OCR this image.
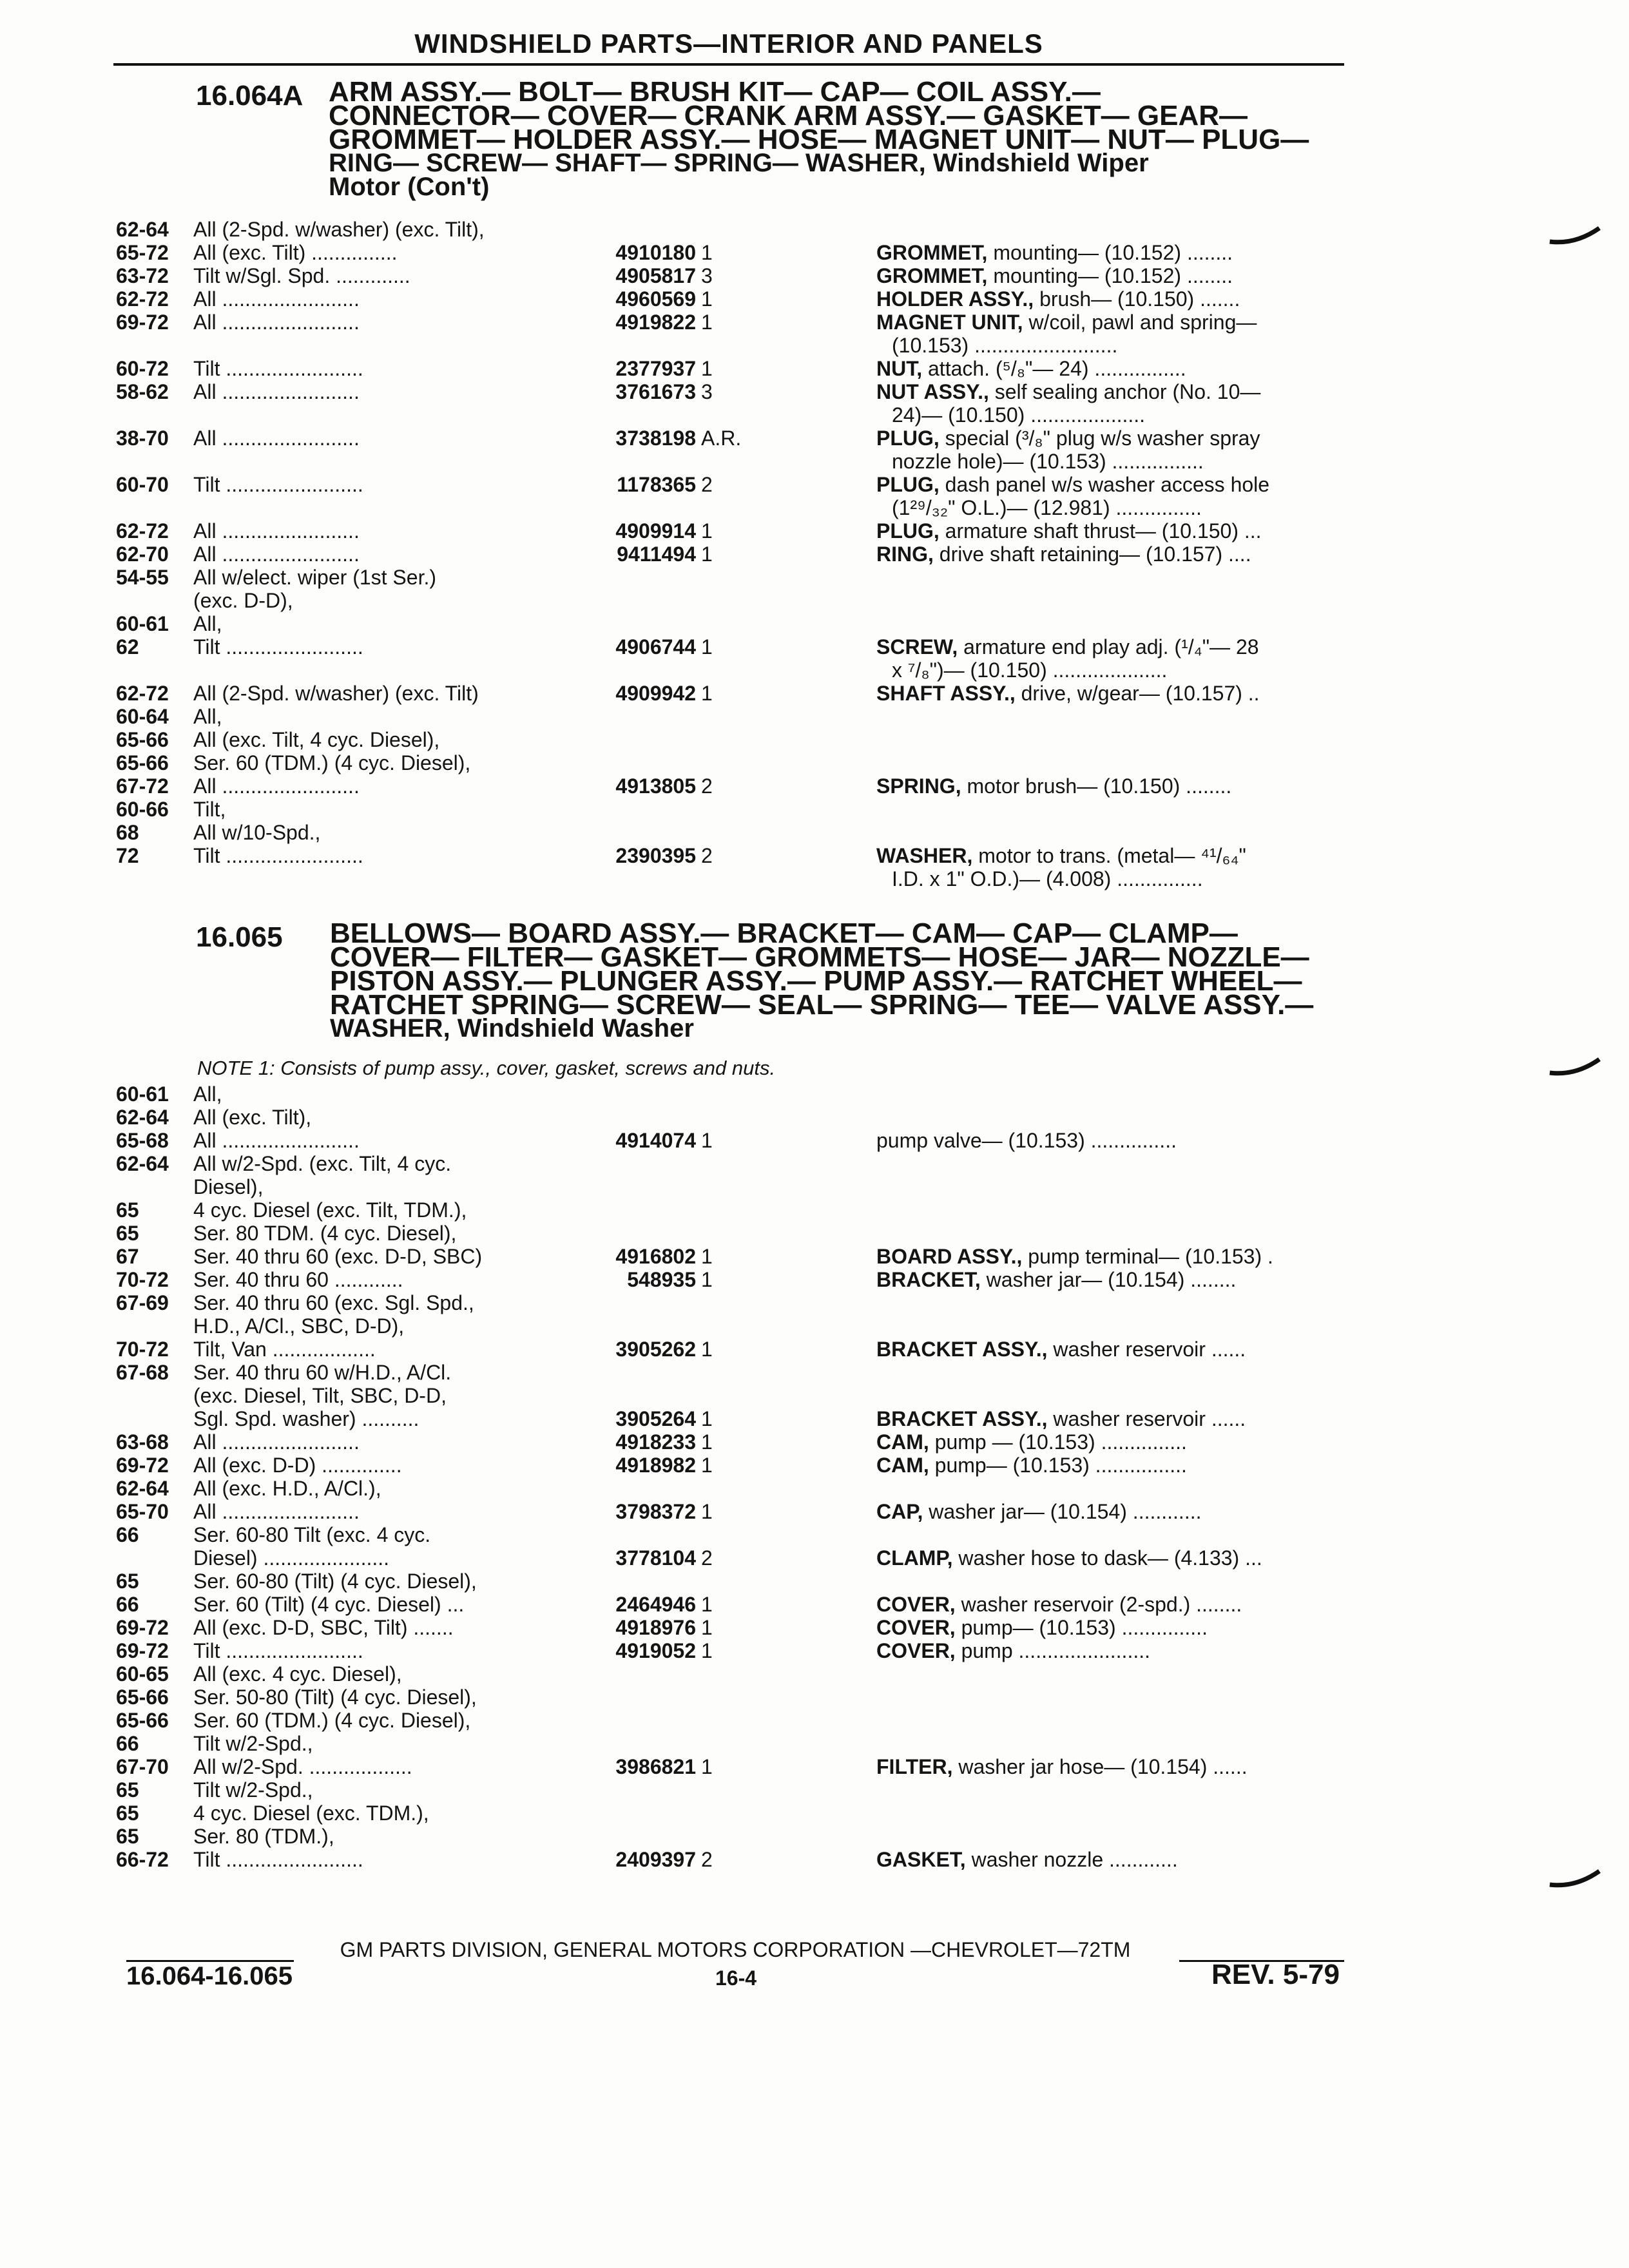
WINDSHIELD PARTS—INTERIOR AND PANELS
16.064A ARM ASSY.— BOLT— BRUSH KIT— CAP— COIL ASSY.—
CONNECTOR— COVER— CRANK ARM ASSY.— GASKET— GEAR—
GROMMET— HOLDER ASSY.— HOSE— MAGNET UNIT— NUT— PLUG—
RING— SCREW— SHAFT— SPRING— WASHER, Windshield Wiper
Motor (Con't)
62-64	All (2-Spd. w/washer) (exc. Tilt),
65-72	All (exc. Tilt) ...............	4910180 1	GROMMET, mounting— (10.152) ........
63-72	Tilt w/Sgl. Spd. .............	4905817 3	GROMMET, mounting— (10.152) ........
62-72	All ........................	4960569 1	HOLDER ASSY., brush— (10.150) .......
69-72	All ........................	4919822 1	MAGNET UNIT, w/coil, pawl and spring—
(10.153) .........................
60-72	Tilt ........................	2377937 1	NUT, attach. (⁵/₈"— 24) ................
58-62	All ........................	3761673 3	NUT ASSY., self sealing anchor (No. 10—
24)— (10.150) ....................
38-70	All ........................	3738198 A.R.	PLUG, special (³/₈" plug w/s washer spray
nozzle hole)— (10.153) ................
60-70	Tilt ........................	1178365 2	PLUG, dash panel w/s washer access hole
(1²⁹/₃₂" O.L.)— (12.981) ...............
62-72	All ........................	4909914 1	PLUG, armature shaft thrust— (10.150) ...
62-70	All ........................	9411494 1	RING, drive shaft retaining— (10.157) ....
54-55	All w/elect. wiper (1st Ser.)
(exc. D-D),
60-61	All,
62	Tilt ........................	4906744 1	SCREW, armature end play adj. (¹/₄"— 28
x ⁷/₈")— (10.150) ....................
62-72	All (2-Spd. w/washer) (exc. Tilt)	4909942 1	SHAFT ASSY., drive, w/gear— (10.157) ..
60-64	All,
65-66	All (exc. Tilt, 4 cyc. Diesel),
65-66	Ser. 60 (TDM.) (4 cyc. Diesel),
67-72	All ........................	4913805 2	SPRING, motor brush— (10.150) ........
60-66	Tilt,
68	All w/10-Spd.,
72	Tilt ........................	2390395 2	WASHER, motor to trans. (metal— ⁴¹/₆₄"
I.D. x 1" O.D.)— (4.008) ...............
16.065 BELLOWS— BOARD ASSY.— BRACKET— CAM— CAP— CLAMP—
COVER— FILTER— GASKET— GROMMETS— HOSE— JAR— NOZZLE—
PISTON ASSY.— PLUNGER ASSY.— PUMP ASSY.— RATCHET WHEEL—
RATCHET SPRING— SCREW— SEAL— SPRING— TEE— VALVE ASSY.—
WASHER, Windshield Washer
NOTE 1: Consists of pump assy., cover, gasket, screws and nuts.
60-61	All,
62-64	All (exc. Tilt),
65-68	All ........................	4914074 1	pump valve— (10.153) ...............
62-64	All w/2-Spd. (exc. Tilt, 4 cyc.
Diesel),
65	4 cyc. Diesel (exc. Tilt, TDM.),
65	Ser. 80 TDM. (4 cyc. Diesel),
67	Ser. 40 thru 60 (exc. D-D, SBC)	4916802 1	BOARD ASSY., pump terminal— (10.153) .
70-72	Ser. 40 thru 60 ............	548935 1	BRACKET, washer jar— (10.154) ........
67-69	Ser. 40 thru 60 (exc. Sgl. Spd.,
H.D., A/Cl., SBC, D-D),
70-72	Tilt, Van ..................	3905262 1	BRACKET ASSY., washer reservoir ......
67-68	Ser. 40 thru 60 w/H.D., A/Cl.
(exc. Diesel, Tilt, SBC, D-D,
Sgl. Spd. washer) ..........	3905264 1	BRACKET ASSY., washer reservoir ......
63-68	All ........................	4918233 1	CAM, pump — (10.153) ...............
69-72	All (exc. D-D) ..............	4918982 1	CAM, pump— (10.153) ................
62-64	All (exc. H.D., A/Cl.),
65-70	All ........................	3798372 1	CAP, washer jar— (10.154) ............
66	Ser. 60-80 Tilt (exc. 4 cyc.
Diesel) ......................	3778104 2	CLAMP, washer hose to dask— (4.133) ...
65	Ser. 60-80 (Tilt) (4 cyc. Diesel),
66	Ser. 60 (Tilt) (4 cyc. Diesel) ...	2464946 1	COVER, washer reservoir (2-spd.) ........
69-72	All (exc. D-D, SBC, Tilt) .......	4918976 1	COVER, pump— (10.153) ...............
69-72	Tilt ........................	4919052 1	COVER, pump .......................
60-65	All (exc. 4 cyc. Diesel),
65-66	Ser. 50-80 (Tilt) (4 cyc. Diesel),
65-66	Ser. 60 (TDM.) (4 cyc. Diesel),
66	Tilt w/2-Spd.,
67-70	All w/2-Spd. ..................	3986821 1	FILTER, washer jar hose— (10.154) ......
65	Tilt w/2-Spd.,
65	4 cyc. Diesel (exc. TDM.),
65	Ser. 80 (TDM.),
66-72	Tilt ........................	2409397 2	GASKET, washer nozzle ............
GM PARTS DIVISION, GENERAL MOTORS CORPORATION —CHEVROLET—72TM
16.064-16.065	16-4	REV. 5-79
